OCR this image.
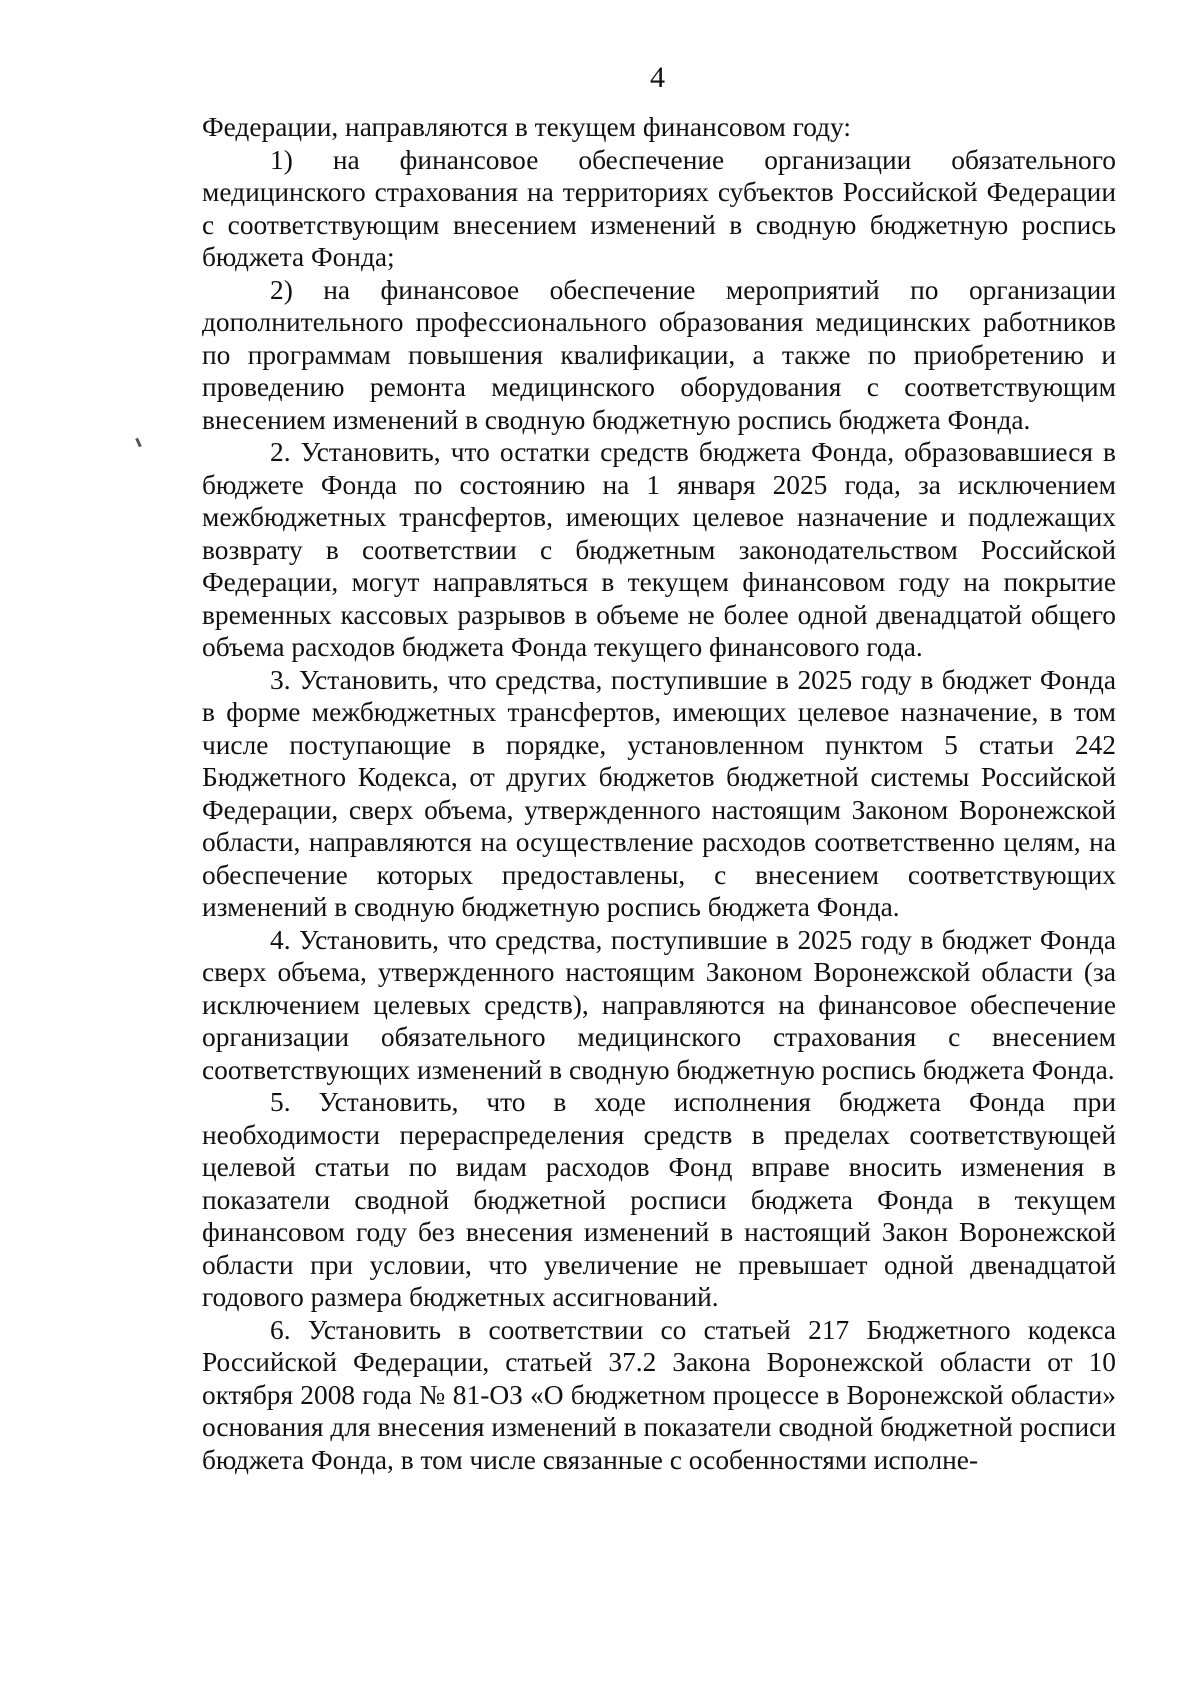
4

Федерации, направляются в текущем финансовом году:

1) на финансовое обеспечение организации обязательного медицинского страхования на территориях субъектов Российской Федерации с соответствующим внесением изменений в сводную бюджетную роспись бюджета Фонда;

2) на финансовое обеспечение мероприятий по организации дополнительного профессионального образования медицинских работников по программам повышения квалификации, а также по приобретению и проведению ремонта медицинского оборудования с соответствующим внесением изменений в сводную бюджетную роспись бюджета Фонда.

2. Установить, что остатки средств бюджета Фонда, образовавшиеся в бюджете Фонда по состоянию на 1 января 2025 года, за исключением межбюджетных трансфертов, имеющих целевое назначение и подлежащих возврату в соответствии с бюджетным законодательством Российской Федерации, могут направляться в текущем финансовом году на покрытие временных кассовых разрывов в объеме не более одной двенадцатой общего объема расходов бюджета Фонда текущего финансового года.

3. Установить, что средства, поступившие в 2025 году в бюджет Фонда в форме межбюджетных трансфертов, имеющих целевое назначение, в том числе поступающие в порядке, установленном пунктом 5 статьи 242 Бюджетного Кодекса, от других бюджетов бюджетной системы Российской Федерации, сверх объема, утвержденного настоящим Законом Воронежской области, направляются на осуществление расходов соответственно целям, на обеспечение которых предоставлены, с внесением соответствующих изменений в сводную бюджетную роспись бюджета Фонда.

4. Установить, что средства, поступившие в 2025 году в бюджет Фонда сверх объема, утвержденного настоящим Законом Воронежской области (за исключением целевых средств), направляются на финансовое обеспечение организации обязательного медицинского страхования с внесением соответствующих изменений в сводную бюджетную роспись бюджета Фонда.

5. Установить, что в ходе исполнения бюджета Фонда при необходимости перераспределения средств в пределах соответствующей целевой статьи по видам расходов Фонд вправе вносить изменения в показатели сводной бюджетной росписи бюджета Фонда в текущем финансовом году без внесения изменений в настоящий Закон Воронежской области при условии, что увеличение не превышает одной двенадцатой годового размера бюджетных ассигнований.

6. Установить в соответствии со статьей 217 Бюджетного кодекса Российской Федерации, статьей 37.2 Закона Воронежской области от 10 октября 2008 года № 81-ОЗ «О бюджетном процессе в Воронежской области» основания для внесения изменений в показатели сводной бюджетной росписи бюджета Фонда, в том числе связанные с особенностями исполне-
